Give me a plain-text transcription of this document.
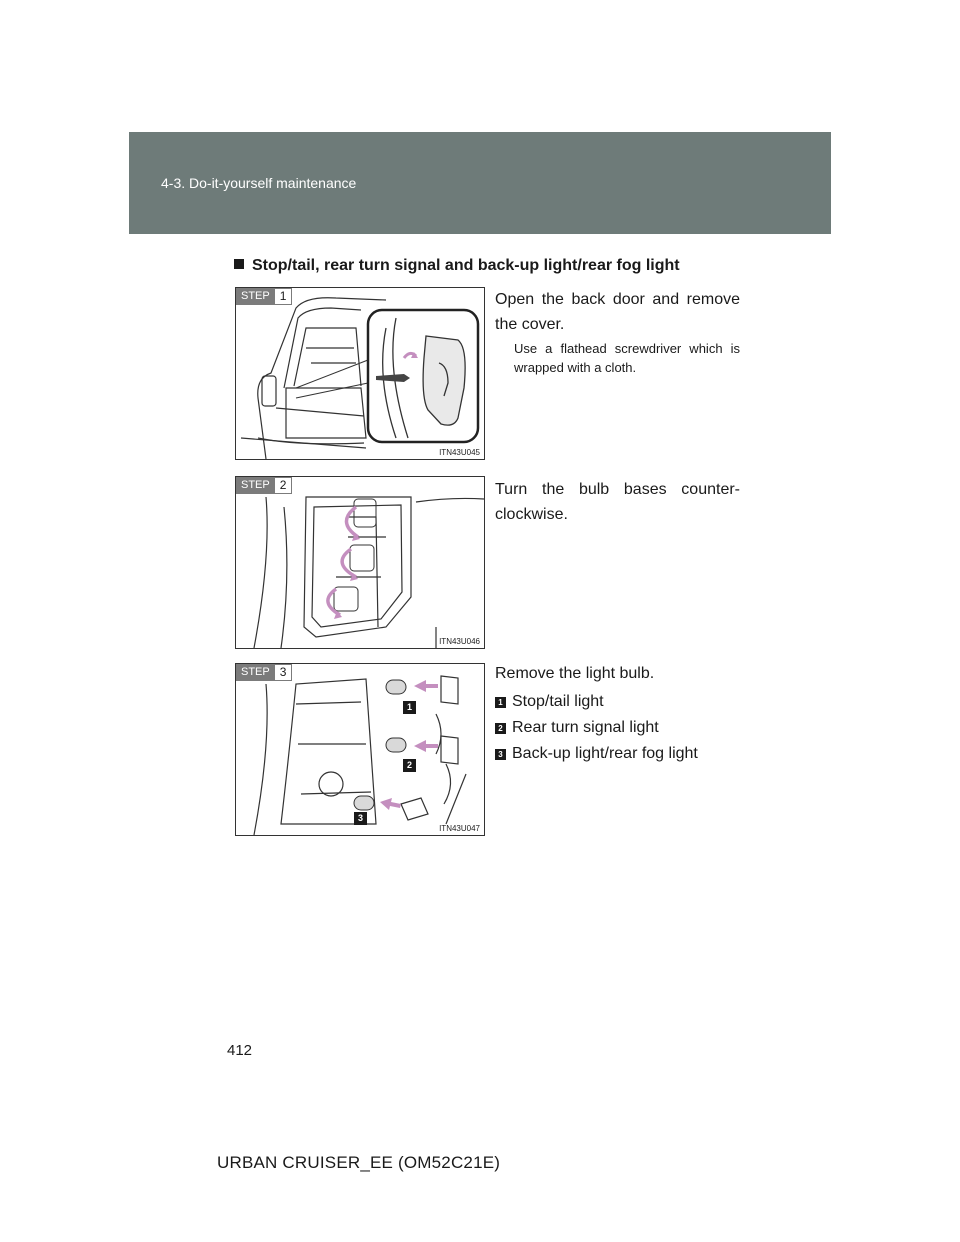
4-3. Do-it-yourself maintenance
Stop/tail, rear turn signal and back-up light/rear fog light
STEP 1
ITN43U045
Open the back door and remove the cover.
Use a flathead screwdriver which is wrapped with a cloth.
STEP 2
ITN43U046
Turn the bulb bases counter-clockwise.
STEP 3
1
2
3
ITN43U047
Remove the light bulb.
1 Stop/tail light
2 Rear turn signal light
3 Back-up light/rear fog light
412
URBAN CRUISER_EE (OM52C21E)
